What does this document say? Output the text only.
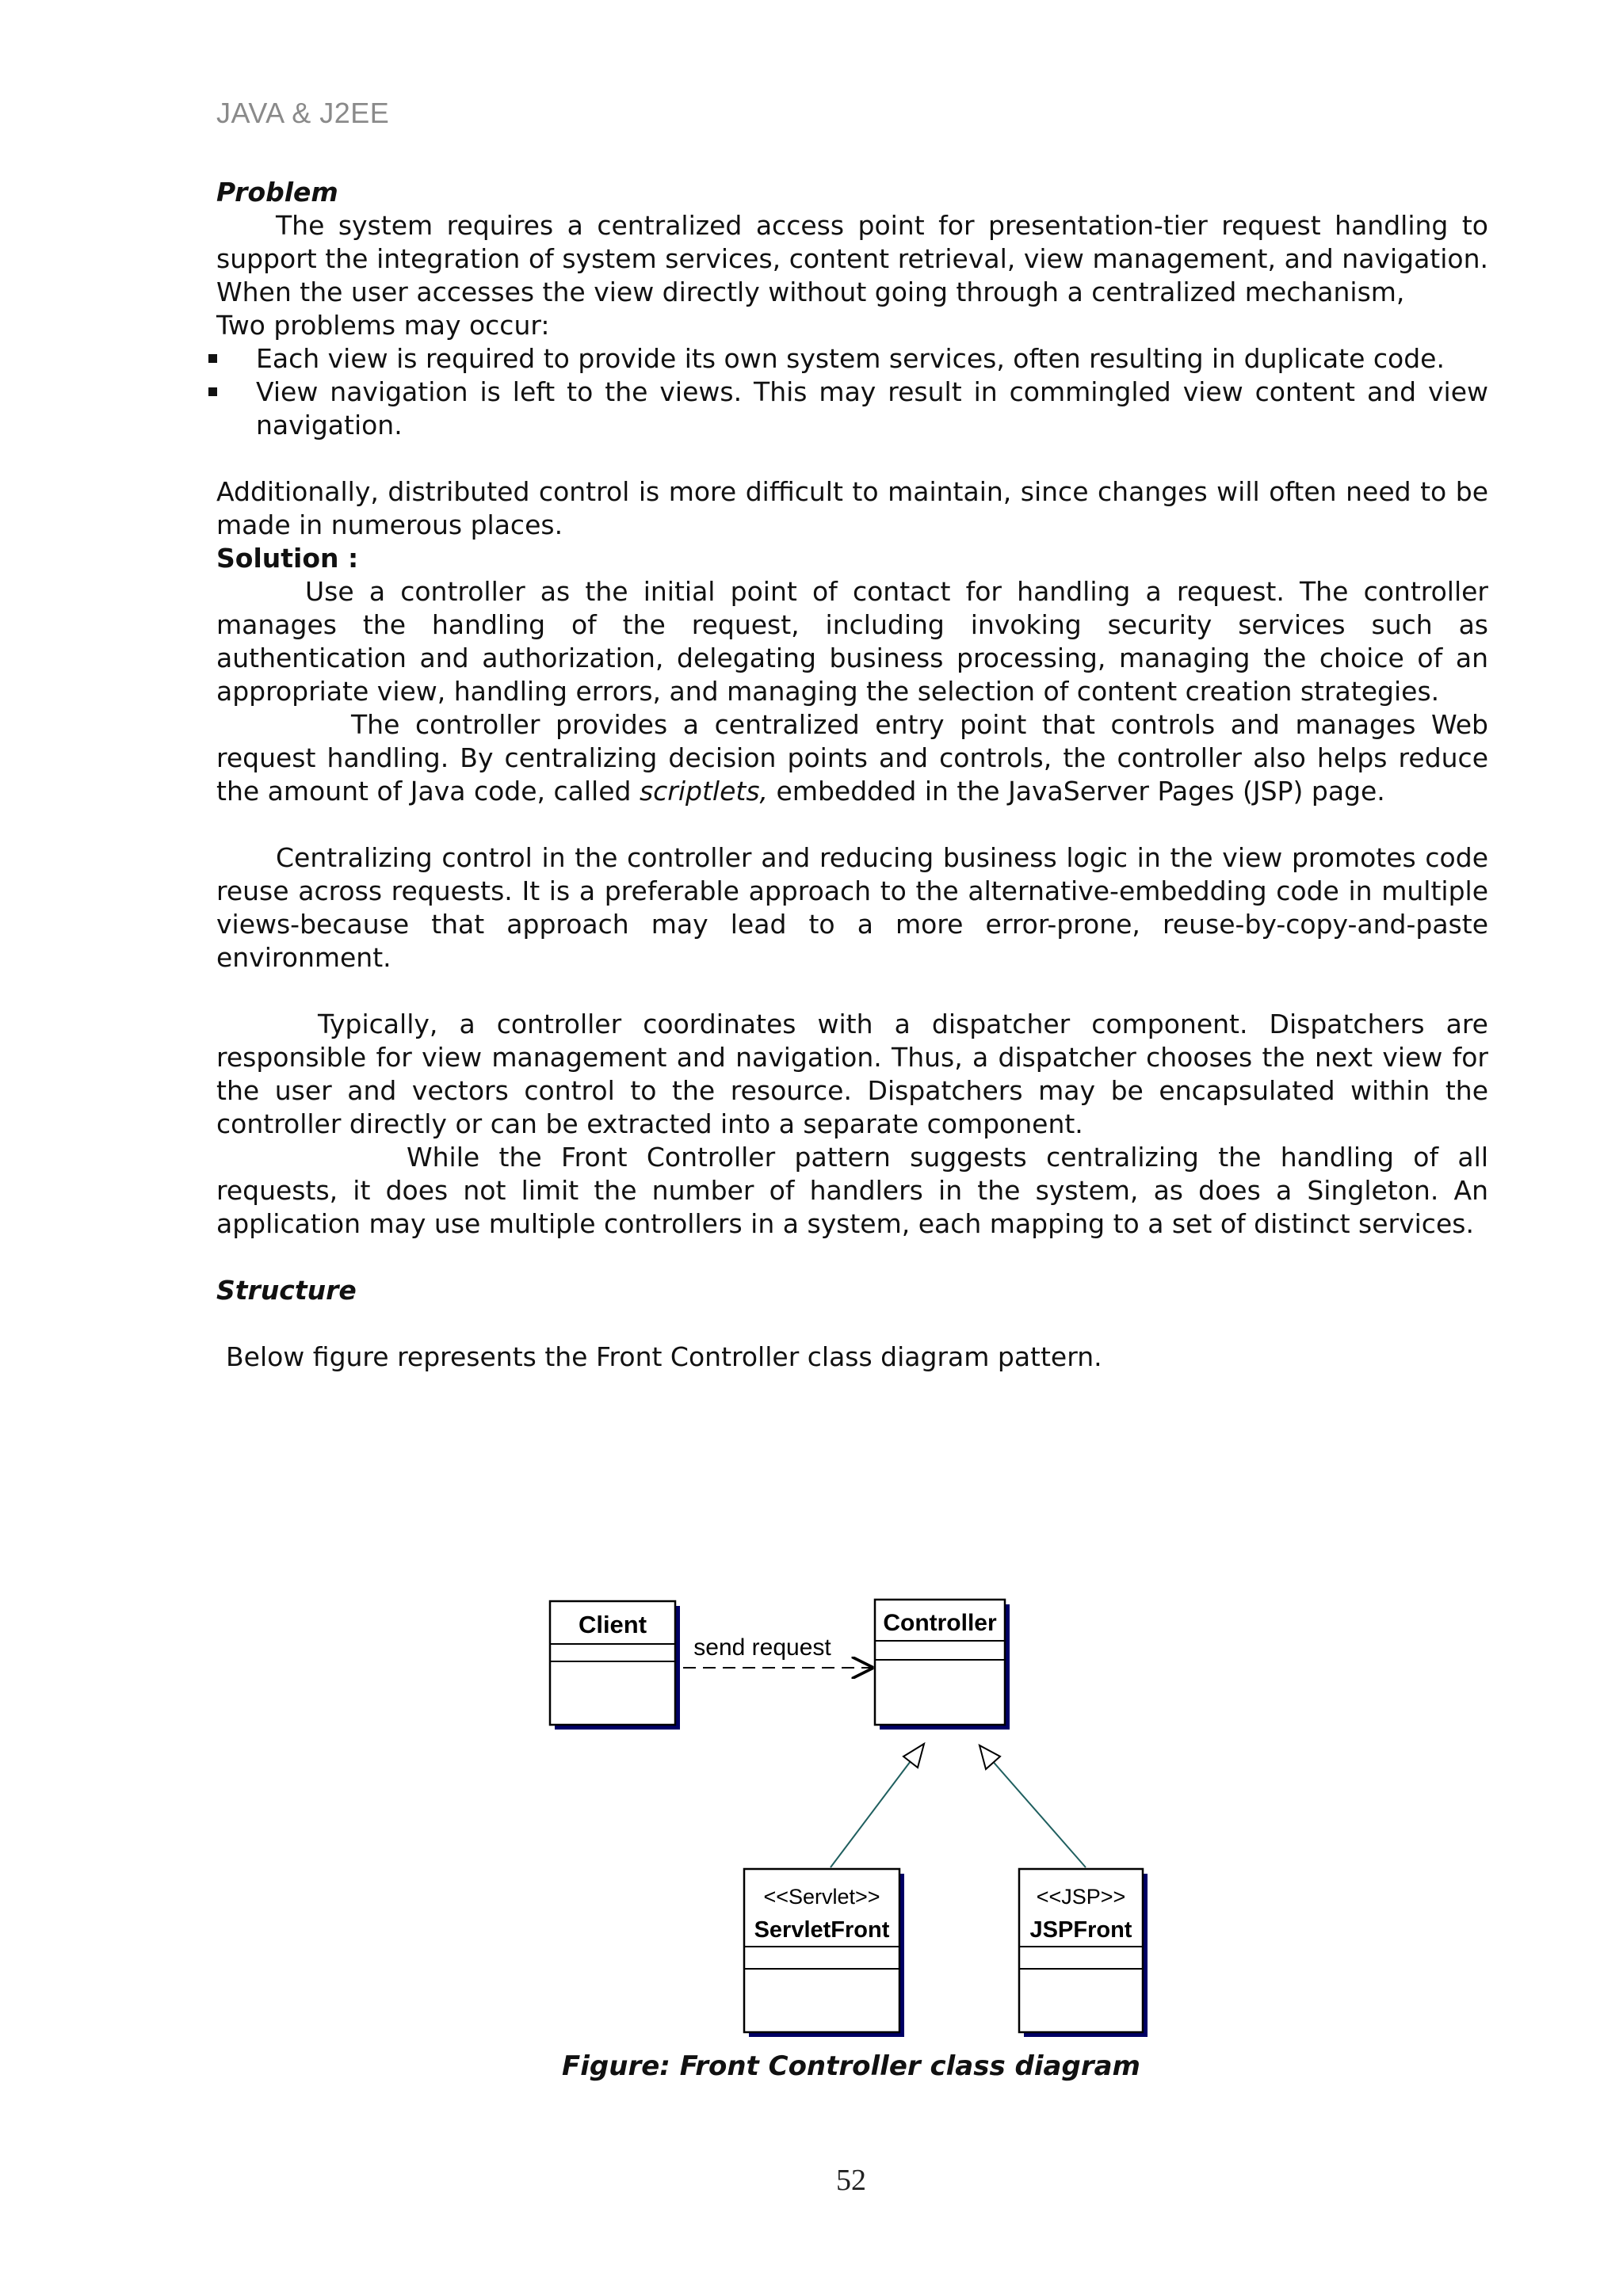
JAVA & J2EE

Problem

The system requires a centralized access point for presentation-tier request handling to support the integration of system services, content retrieval, view management, and navigation. When the user accesses the view directly without going through a centralized mechanism,

Two problems may occur:

Each view is required to provide its own system services, often resulting in duplicate code.
View navigation is left to the views. This may result in commingled view content and view navigation.

Additionally, distributed control is more difficult to maintain, since changes will often need to be made in numerous places.

Solution :

Use a controller as the initial point of contact for handling a request. The controller manages the handling of the request, including invoking security services such as authentication and authorization, delegating business processing, managing the choice of an appropriate view, handling errors, and managing the selection of content creation strategies.

The controller provides a centralized entry point that controls and manages Web request handling. By centralizing decision points and controls, the controller also helps reduce the amount of Java code, called scriptlets, embedded in the JavaServer Pages (JSP) page.

Centralizing control in the controller and reducing business logic in the view promotes code reuse across requests. It is a preferable approach to the alternative-embedding code in multiple views-because that approach may lead to a more error-prone, reuse-by-copy-and-paste environment.

Typically, a controller coordinates with a dispatcher component. Dispatchers are responsible for view management and navigation. Thus, a dispatcher chooses the next view for the user and vectors control to the resource. Dispatchers may be encapsulated within the controller directly or can be extracted into a separate component.

While the Front Controller pattern suggests centralizing the handling of all requests, it does not limit the number of handlers in the system, as does a Singleton. An application may use multiple controllers in a system, each mapping to a set of distinct services.

Structure

Below figure represents the Front Controller class diagram pattern.

Client	Controller
send request
<<Servlet>>
ServletFront
<<JSP>>
JSPFront
Figure: Front Controller class diagram
52
